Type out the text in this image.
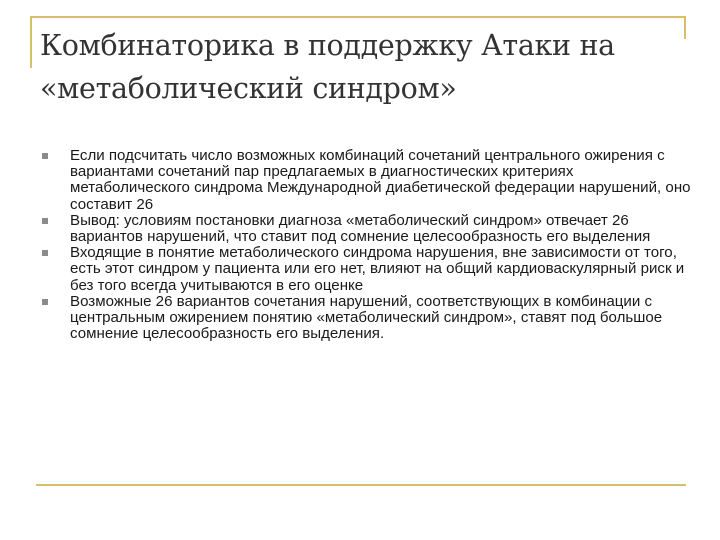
Комбинаторика в поддержку Атаки на
«метаболический синдром»
Если подсчитать число возможных комбинаций сочетаний центрального ожирения с вариантами сочетаний пар предлагаемых в диагностических критериях метаболического синдрома Международной диабетической федерации нарушений, оно составит 26
Вывод: условиям постановки диагноза «метаболический синдром» отвечает 26 вариантов нарушений, что ставит под сомнение целесообразность его выделения
Входящие в понятие метаболического синдрома нарушения, вне зависимости от того, есть этот синдром у пациента или его нет, влияют на общий кардиоваскулярный риск и без того всегда учитываются в его оценке
Возможные 26 вариантов сочетания нарушений, соответствующих в комбинации с центральным ожирением понятию «метаболический синдром», ставят под большое сомнение целесообразность его выделения.
